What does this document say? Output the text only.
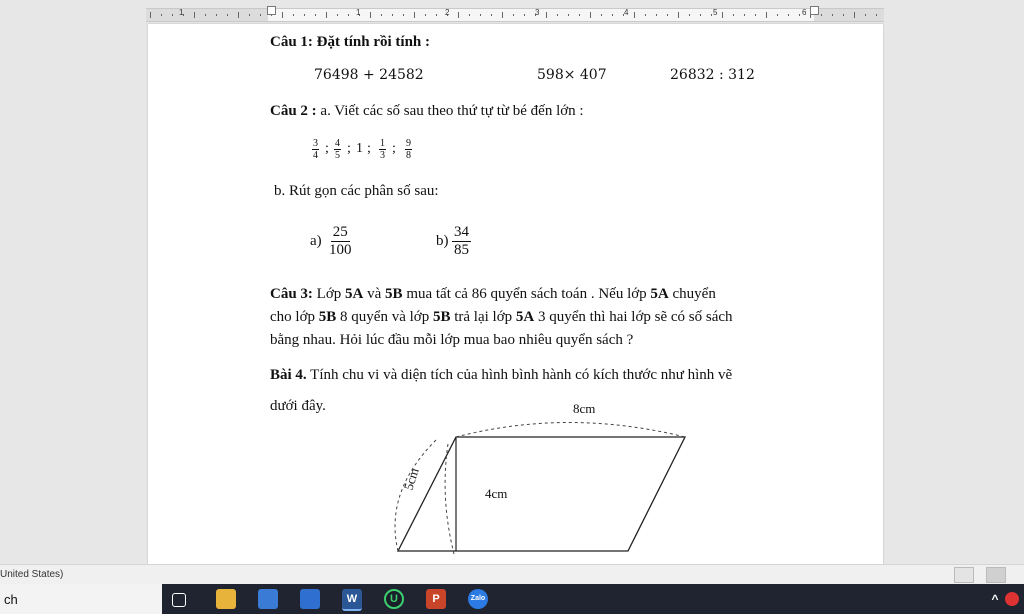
1	1	2	3	4	5	6
Câu 1: Đặt tính rồi tính :
76498 + 24582	598× 407	26832 : 312
Câu 2 : a. Viết các số sau theo thứ tự từ bé đến lớn :
$\frac{3}{4}$ ; $\frac{4}{5}$ ; 1 ; $\frac{1}{3}$ ; $\frac{9}{8}$
b. Rút gọn các phân số sau:
a)
25
100
b)
34
85
Câu 3: Lớp 5A và 5B mua tất cả 86 quyển sách toán . Nếu lớp 5A chuyển
cho lớp 5B 8 quyển và lớp 5B trả lại lớp 5A 3 quyển thì hai lớp sẽ có số sách
bằng nhau. Hỏi lúc đầu mỗi lớp mua bao nhiêu quyển sách ?
Bài 4. Tính chu vi và diện tích của hình bình hành có kích thước như hình vẽ
dưới đây.	8cm
5cm
4cm
United States)
ch	W	U	P	Zalo	^
